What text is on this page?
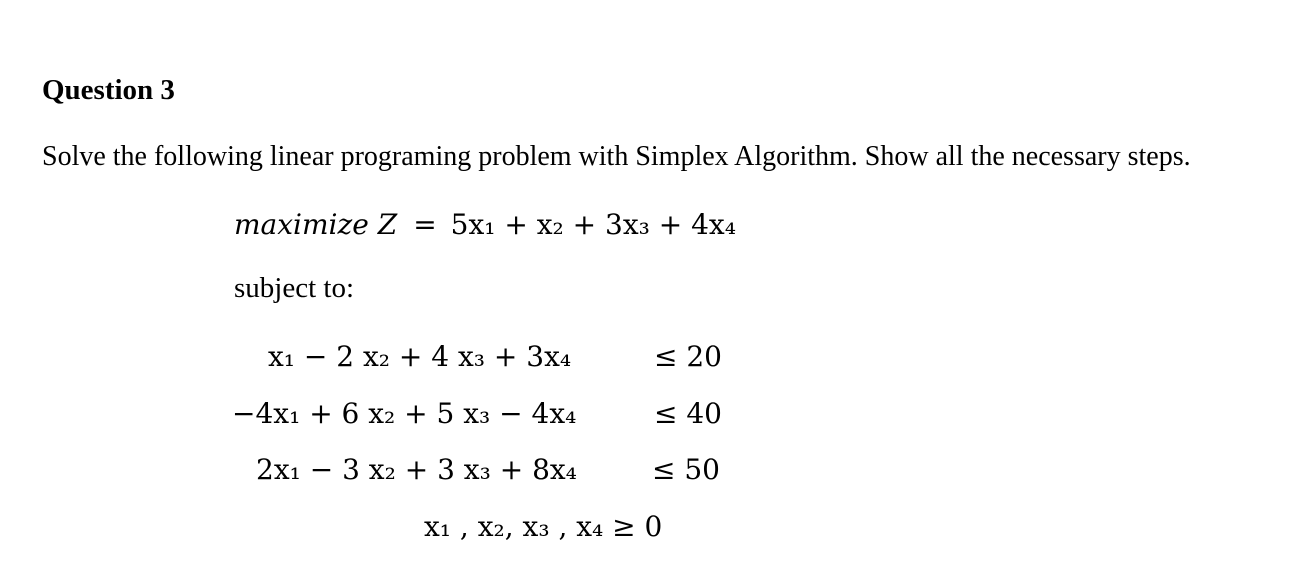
Question 3
Solve the following linear programing problem with Simplex Algorithm. Show all the necessary steps.
maximize Z = 5x₁ + x₂ + 3x₃ + 4x₄
subject to:
x₁ − 2 x₂ + 4 x₃ + 3x₄	≤ 20
−4x₁ + 6 x₂ + 5 x₃ − 4x₄	≤ 40
2x₁ − 3 x₂ + 3 x₃ + 8x₄	≤ 50
x₁ , x₂, x₃ , x₄ ≥ 0
